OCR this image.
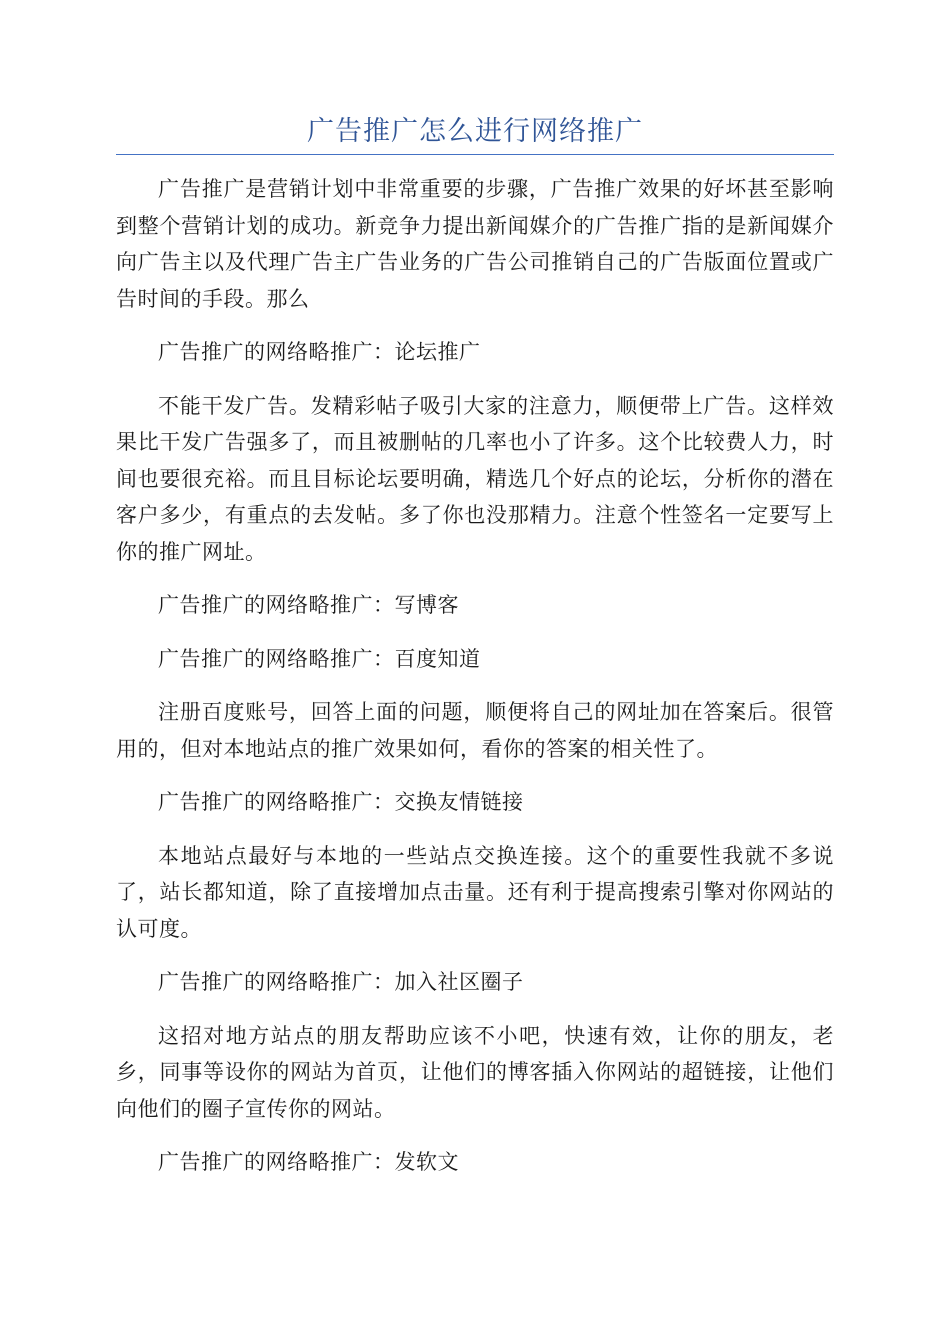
广告推广怎么进行网络推广

广告推广是营销计划中非常重要的步骤，广告推广效果的好坏甚至影响到整个营销计划的成功。新竞争力提出新闻媒介的广告推广指的是新闻媒介向广告主以及代理广告主广告业务的广告公司推销自己的广告版面位置或广告时间的手段。那么

广告推广的网络略推广：论坛推广

不能干发广告。发精彩帖子吸引大家的注意力，顺便带上广告。这样效果比干发广告强多了，而且被删帖的几率也小了许多。这个比较费人力，时间也要很充裕。而且目标论坛要明确，精选几个好点的论坛，分析你的潜在客户多少，有重点的去发帖。多了你也没那精力。注意个性签名一定要写上你的推广网址。

广告推广的网络略推广：写博客

广告推广的网络略推广：百度知道

注册百度账号，回答上面的问题，顺便将自己的网址加在答案后。很管用的，但对本地站点的推广效果如何，看你的答案的相关性了。

广告推广的网络略推广：交换友情链接

本地站点最好与本地的一些站点交换连接。这个的重要性我就不多说了，站长都知道，除了直接增加点击量。还有利于提高搜索引擎对你网站的认可度。

广告推广的网络略推广：加入社区圈子

这招对地方站点的朋友帮助应该不小吧，快速有效，让你的朋友，老乡，同事等设你的网站为首页，让他们的博客插入你网站的超链接，让他们向他们的圈子宣传你的网站。

广告推广的网络略推广：发软文
